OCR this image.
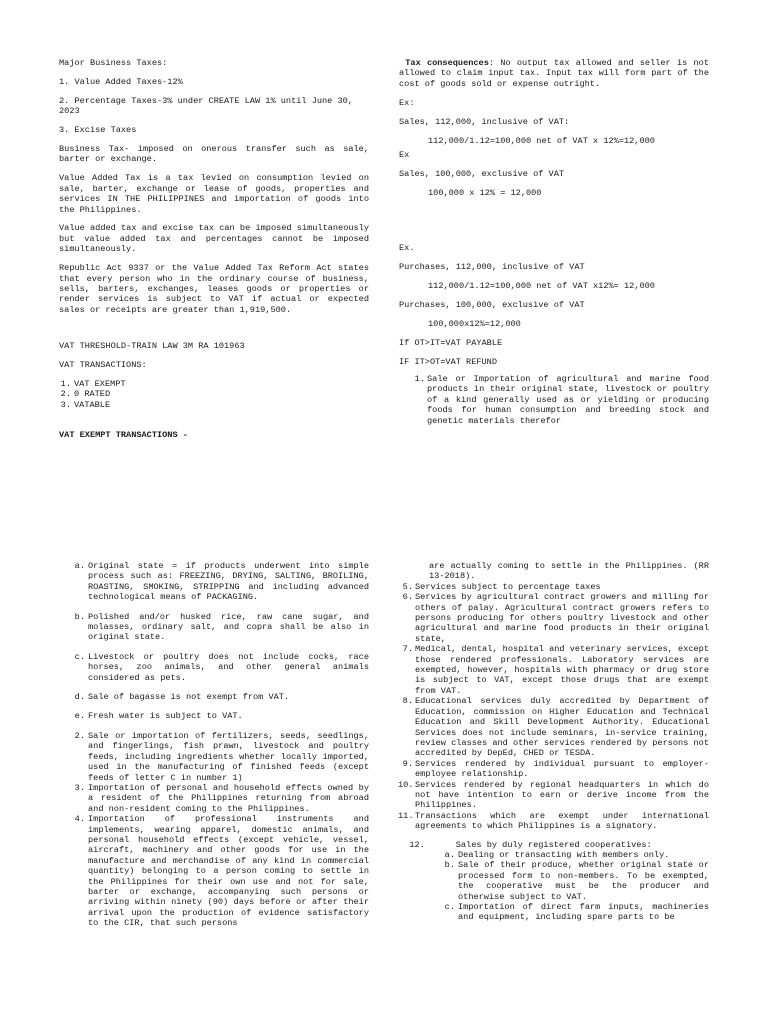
Major Business Taxes:

1. Value Added Taxes-12%

2. Percentage Taxes-3% under CREATE LAW 1% until June 30, 2023

3. Excise Taxes

Business Tax- imposed on onerous transfer such as sale, barter or exchange.

Value Added Tax is a tax levied on consumption levied on sale, barter, exchange or lease of goods, properties and services IN THE PHILIPPINES and importation of goods into the Philippines.

Value added tax and excise tax can be imposed simultaneously but value added tax and percentages cannot be imposed simultaneously.

Republic Act 9337 or the Value Added Tax Reform Act states that every person who in the ordinary course of business, sells, barters, exchanges, leases goods or properties or render services is subject to VAT if actual or expected sales or receipts are greater than 1,919,500.

VAT THRESHOLD-TRAIN LAW 3M RA 101963

VAT TRANSACTIONS:

1. VAT EXEMPT
2. 0 RATED
3. VATABLE

VAT EXEMPT TRANSACTIONS -

Tax consequences: No output tax allowed and seller is not allowed to claim input tax. Input tax will form part of the cost of goods sold or expense outright.

Ex:

Sales, 112,000, inclusive of VAT:

112,000/1.12=100,000 net of VAT x 12%=12,000

Ex

Sales, 100,000, exclusive of VAT

100,000 x 12% = 12,000

Ex.

Purchases, 112,000, inclusive of VAT

112,000/1.12=100,000 net of VAT x12%= 12,000

Purchases, 100,000, exclusive of VAT

100,000x12%=12,000

If OT>IT=VAT PAYABLE

IF IT>OT=VAT REFUND

1. Sale or Importation of agricultural and marine food products in their original state, livestock or poultry of a kind generally used as or yielding or producing foods for human consumption and breeding stock and genetic materials therefor
a. Original state = if products underwent into simple process such as: FREEZING, DRYING, SALTING, BROILING, ROASTING, SMOKING, STRIPPING and including advanced technological means of PACKAGING.
b. Polished and/or husked rice, raw cane sugar, and molasses, ordinary salt, and copra shall be also in original state.
c. Livestock or poultry does not include cocks, race horses, zoo animals, and other general animals considered as pets.
d. Sale of bagasse is not exempt from VAT.
e. Fresh water is subject to VAT.
2. Sale or importation of fertilizers, seeds, seedlings, and fingerlings, fish prawn, livestock and poultry feeds, including ingredients whether locally imported, used in the manufacturing of finished feeds (except feeds of letter C in number 1)
3. Importation of personal and household effects owned by a resident of the Philippines returning from abroad and non-resident coming to the Philippines.
4. Importation of professional instruments and implements, wearing apparel, domestic animals, and personal household effects (except vehicle, vessel, aircraft, machinery and other goods for use in the manufacture and merchandise of any kind in commercial quantity) belonging to a person coming to settle in the Philippines for their own use and not for sale, barter or exchange, accompanying such persons or arriving within ninety (90) days before or after their arrival upon the production of evidence satisfactory to the CIR, that such persons

are actually coming to settle in the Philippines. (RR 13-2018).

5. Services subject to percentage taxes
6. Services by agricultural contract growers and milling for others of palay. Agricultural contract growers refers to persons producing for others poultry livestock and other agricultural and marine food products in their original state,
7. Medical, dental, hospital and veterinary services, except those rendered professionals. Laboratory services are exempted, however, hospitals with pharmacy or drug store is subject to VAT, except those drugs that are exempt from VAT.
8. Educational services duly accredited by Department of Education, commission on Higher Education and Technical Education and Skill Development Authority. Educational Services does not include seminars, in-service training, review classes and other services rendered by persons not accredited by DepEd, CHED or TESDA.
9. Services rendered by individual pursuant to employer-employee relationship.
10. Services rendered by regional headquarters in which do not have intention to earn or derive income from the Philippines.
11. Transactions which are exempt under international agreements to which Philippines is a signatory.

12.	Sales by duly registered cooperatives:

a. Dealing or transacting with members only.
b. Sale of their produce, whether original state or processed form to non-members. To be exempted, the cooperative must be the producer and otherwise subject to VAT.
c. Importation of direct farm inputs, machineries and equipment, including spare parts to be
